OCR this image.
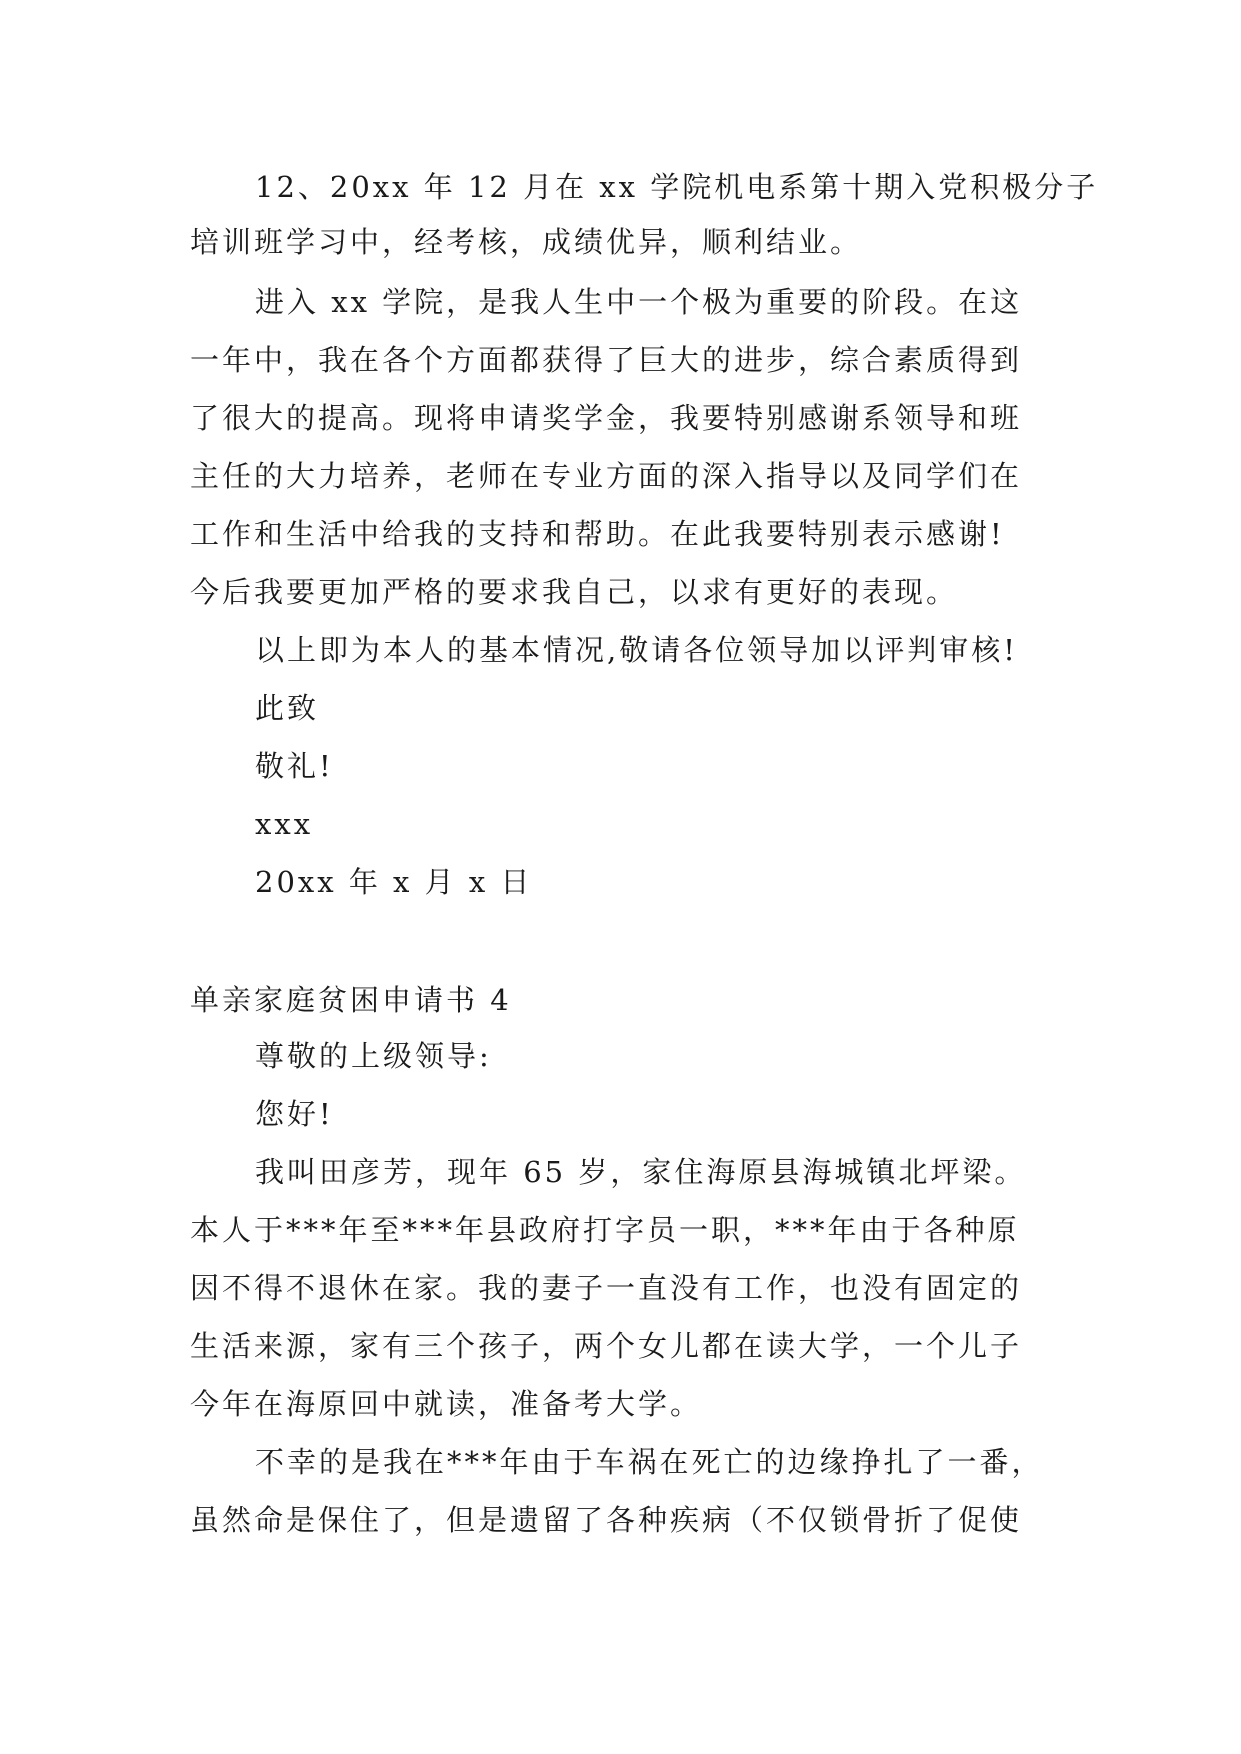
12、20xx 年 12 月在 xx 学院机电系第十期入党积极分子
培训班学习中，经考核，成绩优异，顺利结业。
进入 xx 学院，是我人生中一个极为重要的阶段。在这
一年中，我在各个方面都获得了巨大的进步，综合素质得到
了很大的提高。现将申请奖学金，我要特别感谢系领导和班
主任的大力培养，老师在专业方面的深入指导以及同学们在
工作和生活中给我的支持和帮助。在此我要特别表示感谢!
今后我要更加严格的要求我自己，以求有更好的表现。
以上即为本人的基本情况,敬请各位领导加以评判审核!
此致
敬礼!
xxx
20xx 年 x 月 x 日
单亲家庭贫困申请书 4
尊敬的上级领导:
您好!
我叫田彦芳，现年 65 岁，家住海原县海城镇北坪梁。
本人于***年至***年县政府打字员一职，***年由于各种原
因不得不退休在家。我的妻子一直没有工作，也没有固定的
生活来源，家有三个孩子，两个女儿都在读大学，一个儿子
今年在海原回中就读，准备考大学。
不幸的是我在***年由于车祸在死亡的边缘挣扎了一番，
虽然命是保住了，但是遗留了各种疾病（不仅锁骨折了促使
